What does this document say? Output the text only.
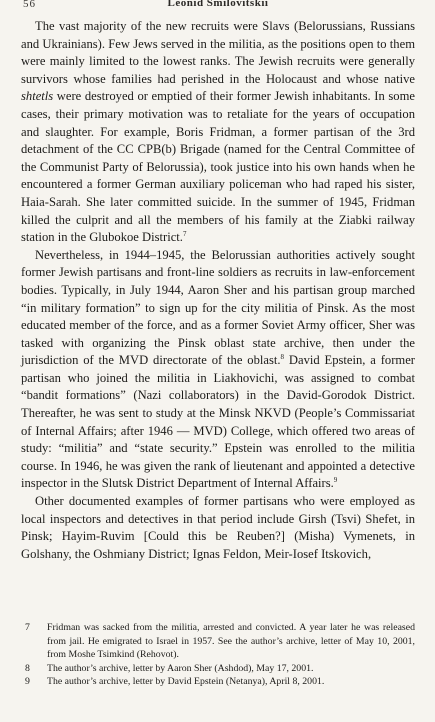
56	Leonid Smilovitskii

The vast majority of the new recruits were Slavs (Belorussians, Russians and Ukrainians). Few Jews served in the militia, as the positions open to them were mainly limited to the lowest ranks. The Jewish recruits were generally survivors whose families had perished in the Holocaust and whose native shtetls were destroyed or emptied of their former Jewish inhabitants. In some cases, their primary motivation was to retaliate for the years of occupation and slaughter. For example, Boris Fridman, a former partisan of the 3rd detachment of the CC CPB(b) Brigade (named for the Central Committee of the Communist Party of Belorussia), took justice into his own hands when he encountered a former German auxiliary policeman who had raped his sister, Haia-Sarah. She later committed suicide. In the summer of 1945, Fridman killed the culprit and all the members of his family at the Ziabki railway station in the Glubokoe District.$^7$

Nevertheless, in 1944–1945, the Belorussian authorities actively sought former Jewish partisans and front-line soldiers as recruits in law-enforcement bodies. Typically, in July 1944, Aaron Sher and his partisan group marched “in military formation” to sign up for the city militia of Pinsk. As the most educated member of the force, and as a former Soviet Army officer, Sher was tasked with organizing the Pinsk oblast state archive, then under the jurisdiction of the MVD directorate of the oblast.$^8$ David Epstein, a former partisan who joined the militia in Liakhovichi, was assigned to combat “bandit formations” (Nazi collaborators) in the David-Gorodok District. Thereafter, he was sent to study at the Minsk NKVD (People’s Commissariat of Internal Affairs; after 1946 — MVD) College, which offered two areas of study: “militia” and “state security.” Epstein was enrolled to the militia course. In 1946, he was given the rank of lieutenant and appointed a detective inspector in the Slutsk District Department of Internal Affairs.$^9$

Other documented examples of former partisans who were employed as local inspectors and detectives in that period include Girsh (Tsvi) Shefet, in Pinsk; Hayim-Ruvim [Could this be Reuben?] (Misha) Vymenets, in Golshany, the Oshmiany District; Ignas Feldon, Meir-Iosef Itskovich,

7 Fridman was sacked from the militia, arrested and convicted. A year later he was released from jail. He emigrated to Israel in 1957. See the author’s archive, letter of May 10, 2001, from Moshe Tsimkind (Rehovot).
8 The author’s archive, letter by Aaron Sher (Ashdod), May 17, 2001.
9 The author’s archive, letter by David Epstein (Netanya), April 8, 2001.
